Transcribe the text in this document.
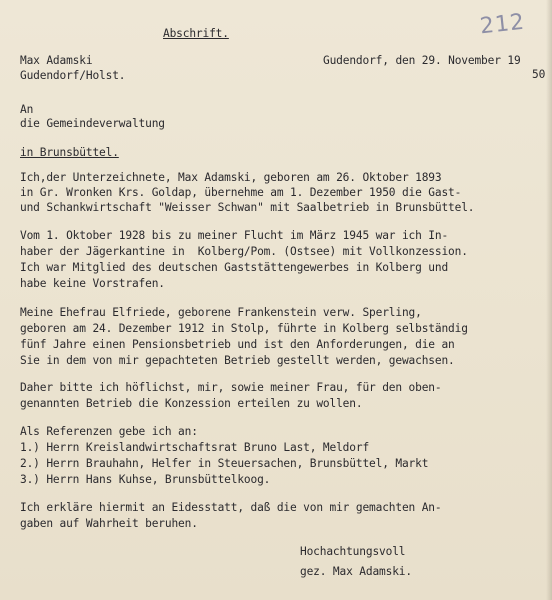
212
Abschrift.
Max Adamski
Gudendorf/Holst.
Gudendorf, den 29. November 19
50
An
die Gemeindeverwaltung
in Brunsbüttel.
Ich,der Unterzeichnete, Max Adamski, geboren am 26. Oktober 1893
in Gr. Wronken Krs. Goldap, übernehme am 1. Dezember 1950 die Gast-
und Schankwirtschaft "Weisser Schwan" mit Saalbetrieb in Brunsbüttel.
Vom 1. Oktober 1928 bis zu meiner Flucht im März 1945 war ich In-
haber der Jägerkantine in  Kolberg/Pom. (Ostsee) mit Vollkonzession.
Ich war Mitglied des deutschen Gaststättengewerbes in Kolberg und
habe keine Vorstrafen.
Meine Ehefrau Elfriede, geborene Frankenstein verw. Sperling,
geboren am 24. Dezember 1912 in Stolp, führte in Kolberg selbständig
fünf Jahre einen Pensionsbetrieb und ist den Anforderungen, die an
Sie in dem von mir gepachteten Betrieb gestellt werden, gewachsen.
Daher bitte ich höflichst, mir, sowie meiner Frau, für den oben-
genannten Betrieb die Konzession erteilen zu wollen.
Als Referenzen gebe ich an:
1.) Herrn Kreislandwirtschaftsrat Bruno Last, Meldorf
2.) Herrn Brauhahn, Helfer in Steuersachen, Brunsbüttel, Markt
3.) Herrn Hans Kuhse, Brunsbüttelkoog.
Ich erkläre hiermit an Eidesstatt, daß die von mir gemachten An-
gaben auf Wahrheit beruhen.
Hochachtungsvoll
gez. Max Adamski.
